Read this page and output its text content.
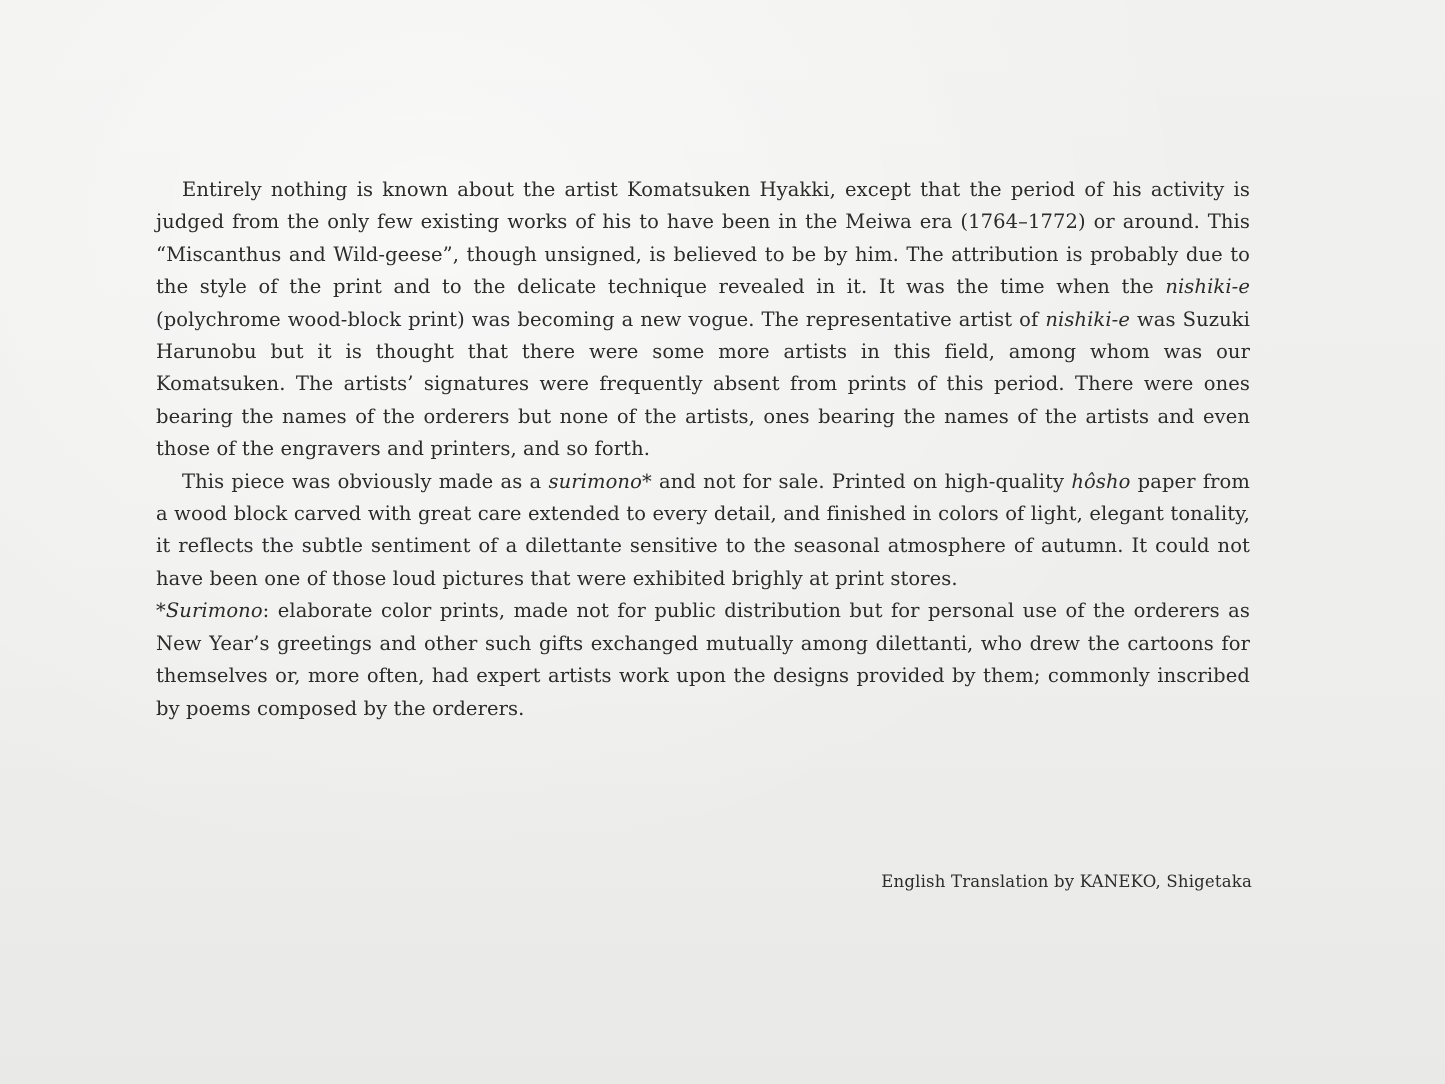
Entirely nothing is known about the artist Komatsuken Hyakki, except that the period of his activity is judged from the only few existing works of his to have been in the Meiwa era (1764–1772) or around. This “Miscanthus and Wild-geese”, though unsigned, is believed to be by him. The attribution is probably due to the style of the print and to the delicate technique revealed in it. It was the time when the nishiki-e (polychrome wood-block print) was becoming a new vogue. The representative artist of nishiki-e was Suzuki Harunobu but it is thought that there were some more artists in this field, among whom was our Komatsuken. The artists’ signatures were frequently absent from prints of this period. There were ones bearing the names of the orderers but none of the artists, ones bearing the names of the artists and even those of the engravers and printers, and so forth.

This piece was obviously made as a surimono* and not for sale. Printed on high-quality hôsho paper from a wood block carved with great care extended to every detail, and finished in colors of light, elegant tonality, it reflects the subtle sentiment of a dilettante sensitive to the seasonal atmosphere of autumn. It could not have been one of those loud pictures that were exhibited brighly at print stores.

*Surimono: elaborate color prints, made not for public distribution but for personal use of the orderers as New Year’s greetings and other such gifts exchanged mutually among dilettanti, who drew the cartoons for themselves or, more often, had expert artists work upon the designs provided by them; commonly inscribed by poems composed by the orderers.

English Translation by KANEKO, Shigetaka
